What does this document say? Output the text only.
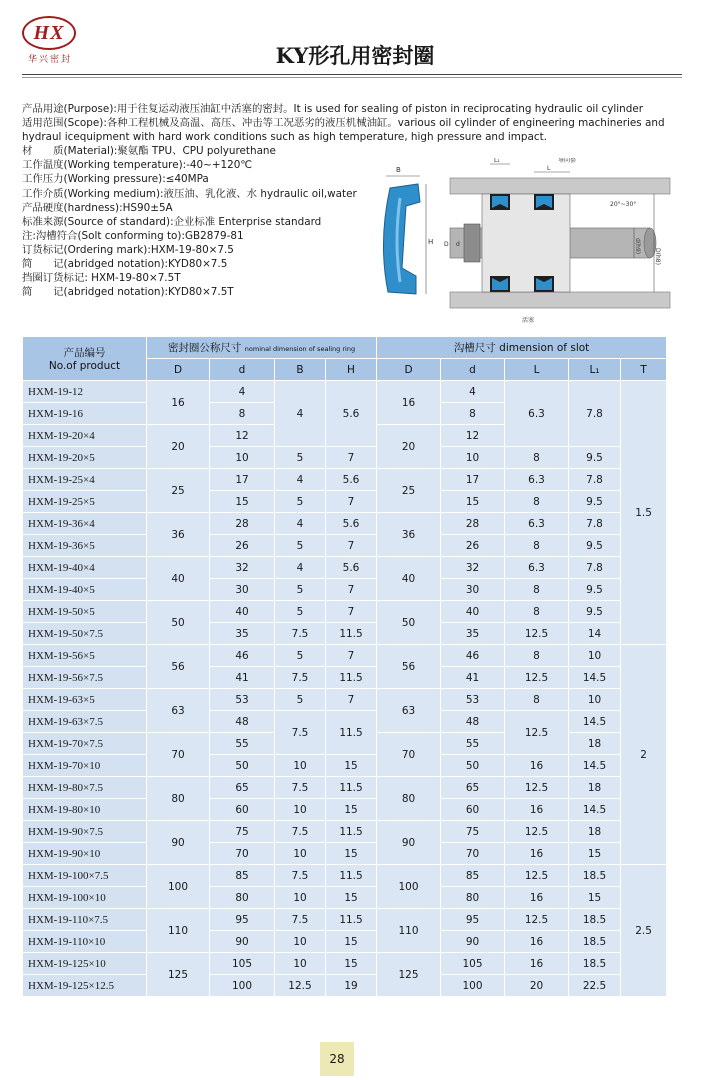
HX
华兴密封	KY形孔用密封圈
产品用途(Purpose):用于往复运动液压油缸中活塞的密封。It is used for sealing of piston in reciprocating hydraulic oil cylinder
适用范围(Scope):各种工程机械及高温、高压、冲击等工况恶劣的液压机械油缸。various oil cylinder of engineering machineries and hydraul icequipment with hard work conditions such as high temperature, high pressure and impact.
材　　质(Material):聚氨酯 TPU、CPU polyurethane
工作温度(Working temperature):-40~+120℃
工作压力(Working pressure):≤40MPa
工作介质(Working medium):液压油、乳化液、水 hydraulic oil,water
产品硬度(hardness):HS90±5A
标准来源(Source of standard):企业标准 Enterprise standard
注:沟槽符合(Solt conforming to):GB2879-81
订货标记(Ordering mark):HXM-19-80×7.5
简　　记(abridged notation):KYD80×7.5
挡圈订货标记: HXM-19-80×7.5T
简　　记(abridged notation):KYD80×7.5T
B
H
L₁
L
导向套
20°~30°
D(h8)
d(h9)
d
D
活塞
产品编号
No.of product	密封圈公称尺寸 nominal dimension of sealing ring				沟槽尺寸 dimension of slot				
	D	d	B	H	D	d	L	L₁	T
HXM-19-12	16	4	4	5.6	16	4	6.3	7.8	1.5
HXM-19-16		8				8			
HXM-19-20×4	20	12			20	12			
HXM-19-20×5		10	5	7		10	8	9.5	
HXM-19-25×4	25	17	4	5.6	25	17	6.3	7.8	
HXM-19-25×5		15	5	7		15	8	9.5	
HXM-19-36×4	36	28	4	5.6	36	28	6.3	7.8	
HXM-19-36×5		26	5	7		26	8	9.5	
HXM-19-40×4	40	32	4	5.6	40	32	6.3	7.8	
HXM-19-40×5		30	5	7		30	8	9.5	
HXM-19-50×5	50	40	5	7	50	40	8	9.5	
HXM-19-50×7.5		35	7.5	11.5		35	12.5	14	
HXM-19-56×5	56	46	5	7	56	46	8	10	2
HXM-19-56×7.5		41	7.5	11.5		41	12.5	14.5	
HXM-19-63×5	63	53	5	7	63	53	8	10	
HXM-19-63×7.5		48	7.5	11.5		48	12.5	14.5	
HXM-19-70×7.5	70	55			70	55		18	
HXM-19-70×10		50	10	15		50	16	14.5	
HXM-19-80×7.5	80	65	7.5	11.5	80	65	12.5	18	
HXM-19-80×10		60	10	15		60	16	14.5	
HXM-19-90×7.5	90	75	7.5	11.5	90	75	12.5	18	
HXM-19-90×10		70	10	15		70	16	15	
HXM-19-100×7.5	100	85	7.5	11.5	100	85	12.5	18.5	2.5
HXM-19-100×10		80	10	15		80	16	15	
HXM-19-110×7.5	110	95	7.5	11.5	110	95	12.5	18.5	
HXM-19-110×10		90	10	15		90	16	18.5	
HXM-19-125×10	125	105	10	15	125	105	16	18.5	
HXM-19-125×12.5		100	12.5	19		100	20	22.5	
28
